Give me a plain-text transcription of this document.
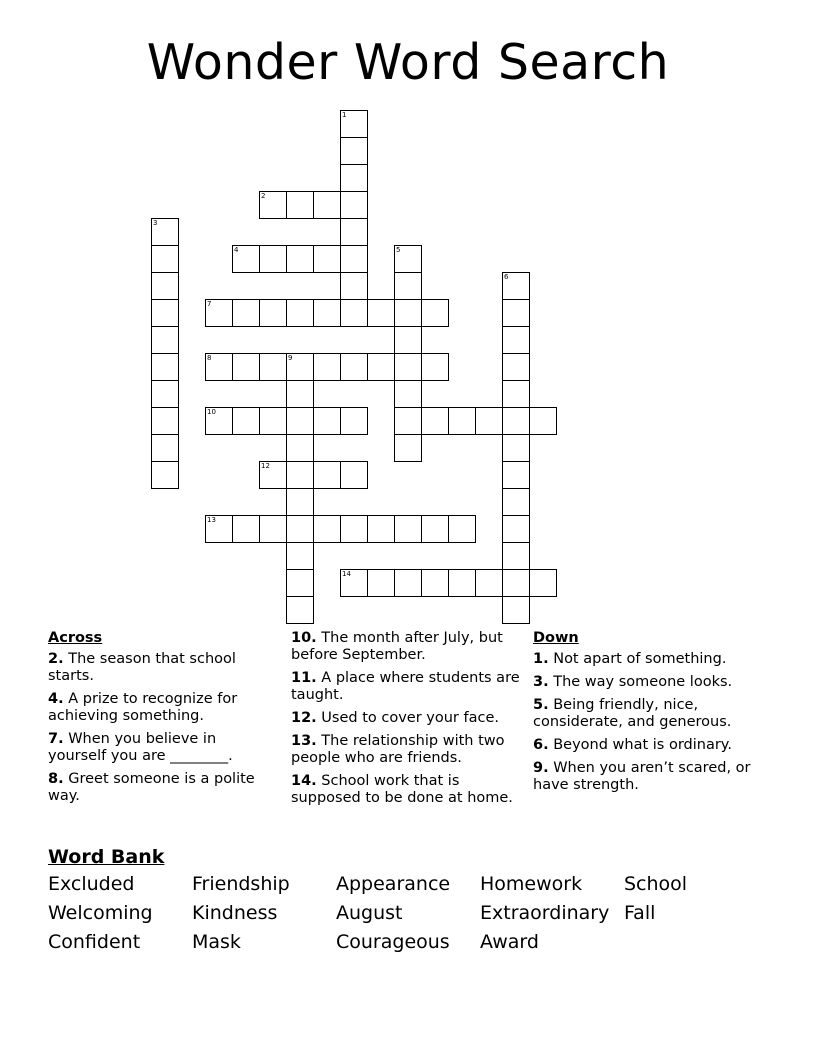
Wonder Word Search
1
2
3
4	5
6
7
8	9
10
12
13
14
Across
2. The season that school starts.
4. A prize to recognize for achieving something.
7. When you believe in yourself you are ________.
8. Greet someone is a polite way.
10. The month after July, but before September.
11. A place where students are taught.
12. Used to cover your face.
13. The relationship with two people who are friends.
14. School work that is supposed to be done at home.
Down
1. Not apart of something.
3. The way someone looks.
5. Being friendly, nice, considerate, and generous.
6. Beyond what is ordinary.
9. When you aren’t scared, or have strength.
Word Bank
Excluded	Friendship Appearance Homework School
Welcoming Kindness	August	Extraordinary Fall
Confident	Mask	Courageous Award
